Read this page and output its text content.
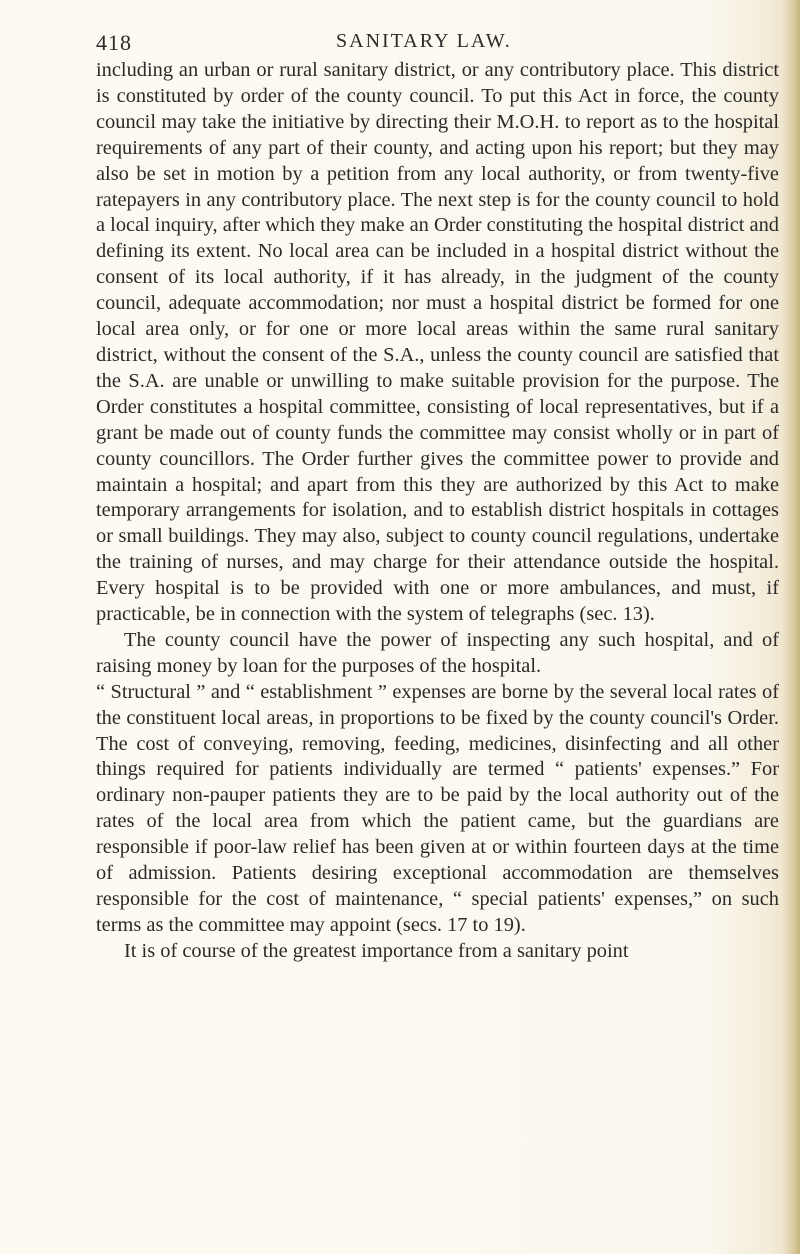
418	SANITARY LAW.

including an urban or rural sanitary district, or any contributory place. This district is constituted by order of the county council. To put this Act in force, the county council may take the initiative by directing their M.O.H. to report as to the hospital requirements of any part of their county, and acting upon his report; but they may also be set in motion by a petition from any local authority, or from twenty-five ratepayers in any contributory place. The next step is for the county council to hold a local inquiry, after which they make an Order constituting the hospital district and defining its extent. No local area can be included in a hospital district without the consent of its local authority, if it has already, in the judgment of the county council, adequate accommodation; nor must a hospital district be formed for one local area only, or for one or more local areas within the same rural sanitary district, without the consent of the S.A., unless the county council are satisfied that the S.A. are unable or unwilling to make suitable provision for the purpose. The Order constitutes a hospital committee, consisting of local representatives, but if a grant be made out of county funds the committee may consist wholly or in part of county councillors. The Order further gives the committee power to provide and maintain a hospital; and apart from this they are authorized by this Act to make temporary arrangements for isolation, and to establish district hospitals in cottages or small buildings. They may also, subject to county council regulations, undertake the training of nurses, and may charge for their attendance outside the hospital. Every hospital is to be provided with one or more ambulances, and must, if practicable, be in connection with the system of telegraphs (sec. 13).

The county council have the power of inspecting any such hospital, and of raising money by loan for the purposes of the hospital.

“ Structural ” and “ establishment ” expenses are borne by the several local rates of the constituent local areas, in proportions to be fixed by the county council's Order. The cost of conveying, removing, feeding, medicines, disinfecting and all other things required for patients individually are termed “ patients' expenses.” For ordinary non-pauper patients they are to be paid by the local authority out of the rates of the local area from which the patient came, but the guardians are responsible if poor-law relief has been given at or within fourteen days at the time of admission. Patients desiring exceptional accommodation are themselves responsible for the cost of maintenance, “ special patients' expenses,” on such terms as the committee may appoint (secs. 17 to 19).

It is of course of the greatest importance from a sanitary point
